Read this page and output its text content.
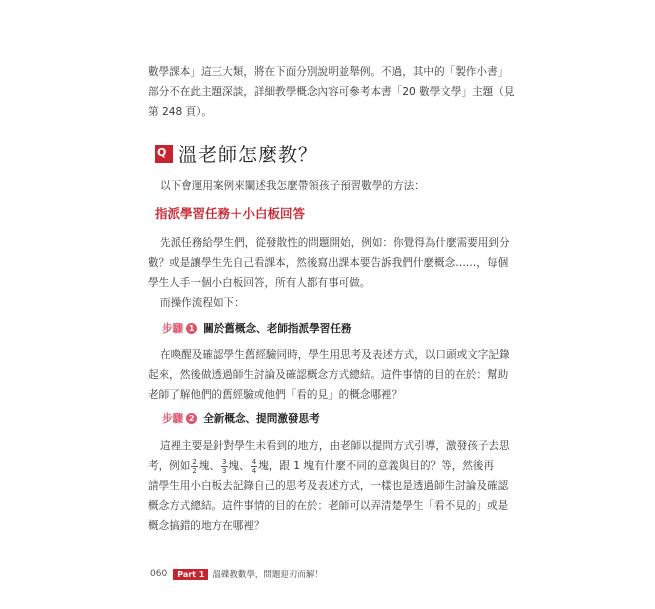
數學課本」這三大類，將在下面分別說明並舉例。不過，其中的「製作小書」
部分不在此主題深談，詳細教學概念內容可參考本書「20 數學文學」主題（見
第 248 頁）。

Q 溫老師怎麼教？

以下會運用案例來闡述我怎麼帶領孩子預習數學的方法：

指派學習任務＋小白板回答

先派任務給學生們，從發散性的問題開始，例如：你覺得為什麼需要用到分
數？或是讓學生先自己看課本，然後寫出課本要告訴我們什麼概念……，每個
學生人手一個小白板回答，所有人都有事可做。
而操作流程如下：

步驟 1 關於舊概念、老師指派學習任務

在喚醒及確認學生舊經驗同時，學生用思考及表述方式，以口頭或文字記錄
起來，然後做透過師生討論及確認概念方式總結。這件事情的目的在於：幫助
老師了解他們的舊經驗或他們「看的見」的概念哪裡？

步驟 2 全新概念、提問激發思考

這裡主要是針對學生未看到的地方，由老師以提問方式引導，激發孩子去思
考，例如 $\frac{2}{2}$ 塊、 $\frac{3}{3}$ 塊、 $\frac{4}{4}$ 塊，跟 1 塊有什麼不同的意義與目的？等，然後再
請學生用小白板去記錄自己的思考及表述方式，一樣也是透過師生討論及確認
概念方式總結。這件事情的目的在於：老師可以弄清楚學生「看不見的」或是
概念搞錯的地方在哪裡？

060	Part 1 溫碟教數學，問題迎刃而解！
